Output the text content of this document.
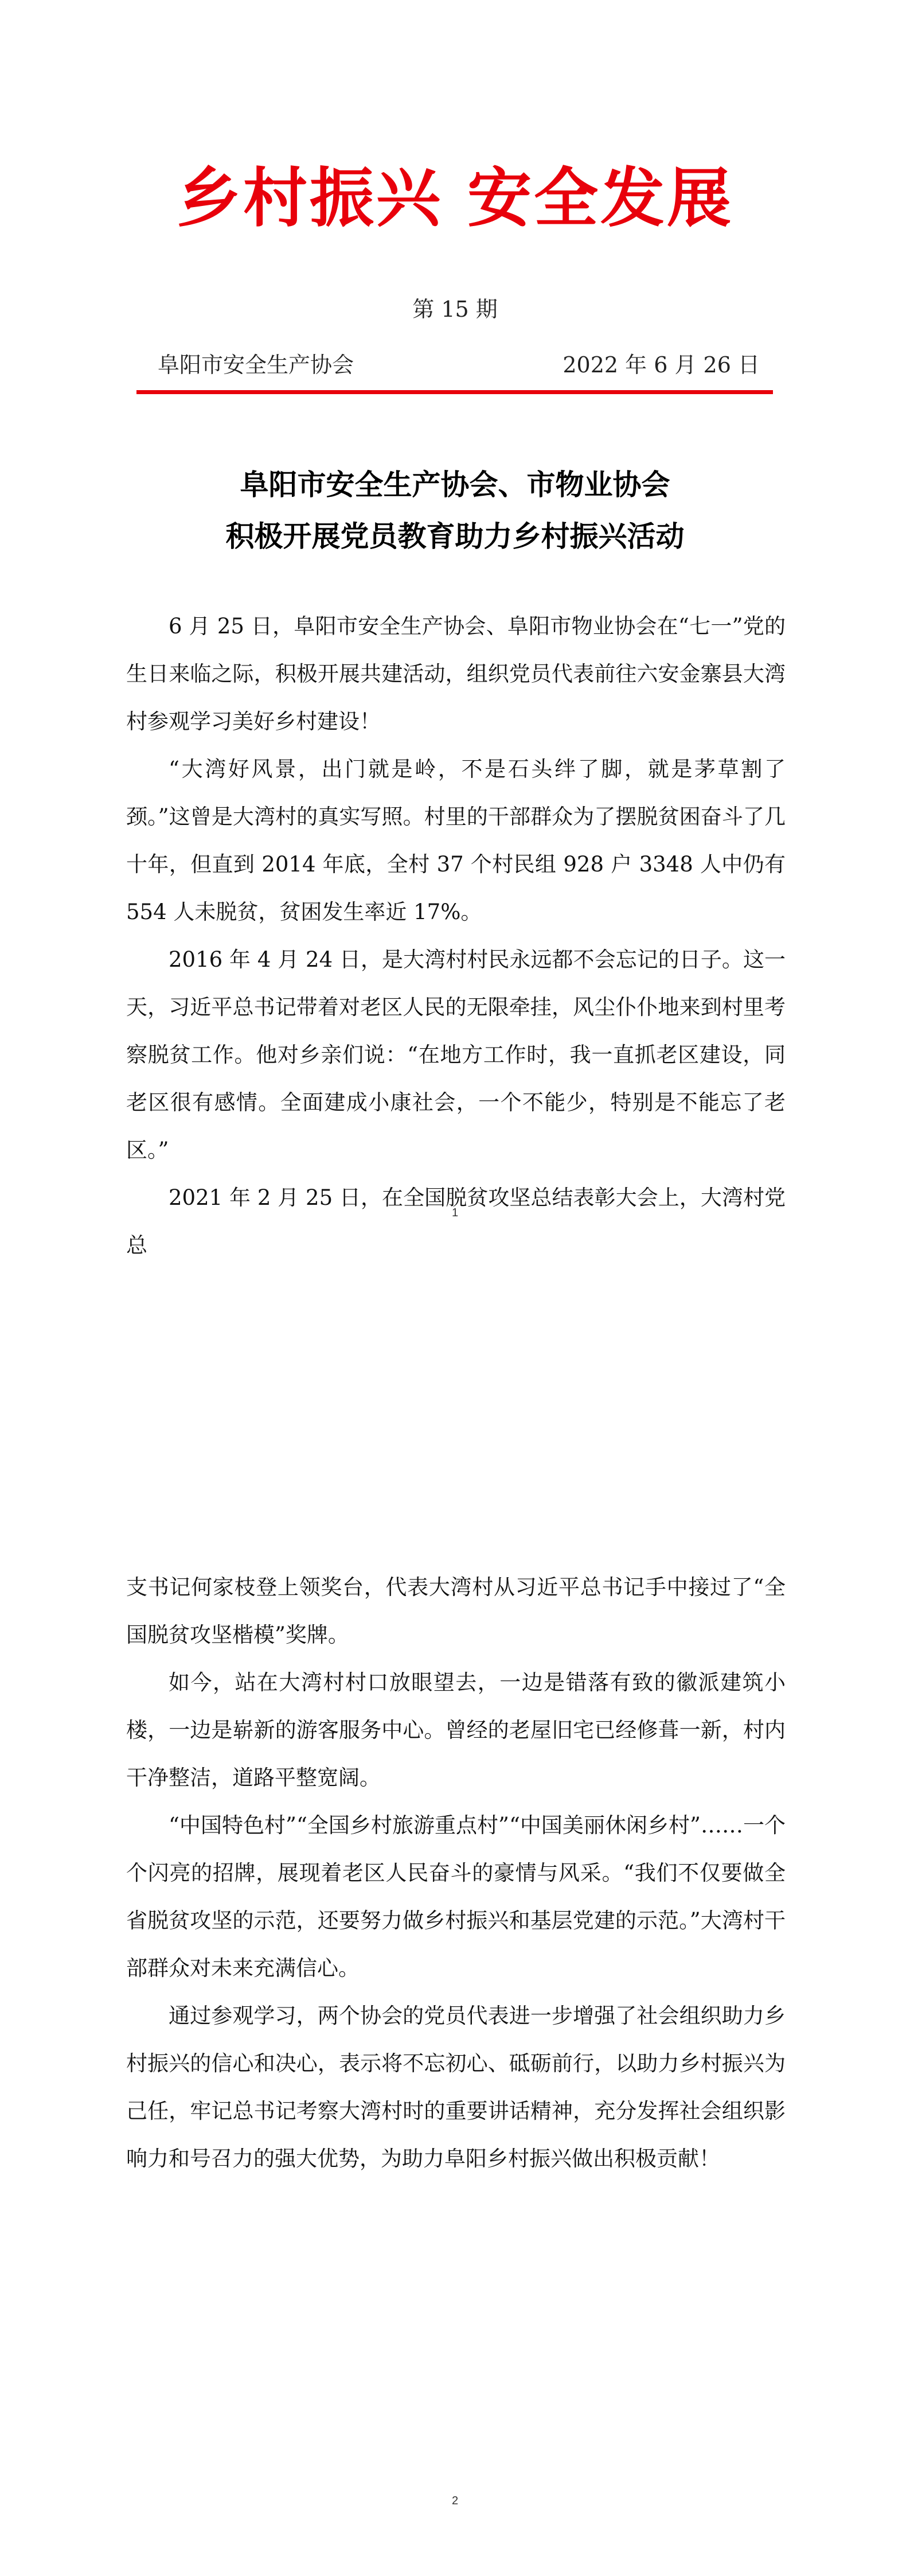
乡村振兴 安全发展
第 15 期
阜阳市安全生产协会	2022 年 6 月 26 日
阜阳市安全生产协会、市物业协会
积极开展党员教育助力乡村振兴活动

6 月 25 日，阜阳市安全生产协会、阜阳市物业协会在“七一”党的生日来临之际，积极开展共建活动，组织党员代表前往六安金寨县大湾村参观学习美好乡村建设！

“大湾好风景，出门就是岭，不是石头绊了脚，就是茅草割了颈。”这曾是大湾村的真实写照。村里的干部群众为了摆脱贫困奋斗了几十年，但直到 2014 年底，全村 37 个村民组 928 户 3348 人中仍有 554 人未脱贫，贫困发生率近 17%。

2016 年 4 月 24 日，是大湾村村民永远都不会忘记的日子。这一天，习近平总书记带着对老区人民的无限牵挂，风尘仆仆地来到村里考察脱贫工作。他对乡亲们说：“在地方工作时，我一直抓老区建设，同老区很有感情。全面建成小康社会，一个不能少，特别是不能忘了老区。”

2021 年 2 月 25 日，在全国脱贫攻坚总结表彰大会上，大湾村党总

1

支书记何家枝登上领奖台，代表大湾村从习近平总书记手中接过了“全国脱贫攻坚楷模”奖牌。

如今，站在大湾村村口放眼望去，一边是错落有致的徽派建筑小楼，一边是崭新的游客服务中心。曾经的老屋旧宅已经修葺一新，村内干净整洁，道路平整宽阔。

“中国特色村”“全国乡村旅游重点村”“中国美丽休闲乡村”……一个个闪亮的招牌，展现着老区人民奋斗的豪情与风采。“我们不仅要做全省脱贫攻坚的示范，还要努力做乡村振兴和基层党建的示范。”大湾村干部群众对未来充满信心。

通过参观学习，两个协会的党员代表进一步增强了社会组织助力乡村振兴的信心和决心，表示将不忘初心、砥砺前行，以助力乡村振兴为己任，牢记总书记考察大湾村时的重要讲话精神，充分发挥社会组织影响力和号召力的强大优势，为助力阜阳乡村振兴做出积极贡献！

2
